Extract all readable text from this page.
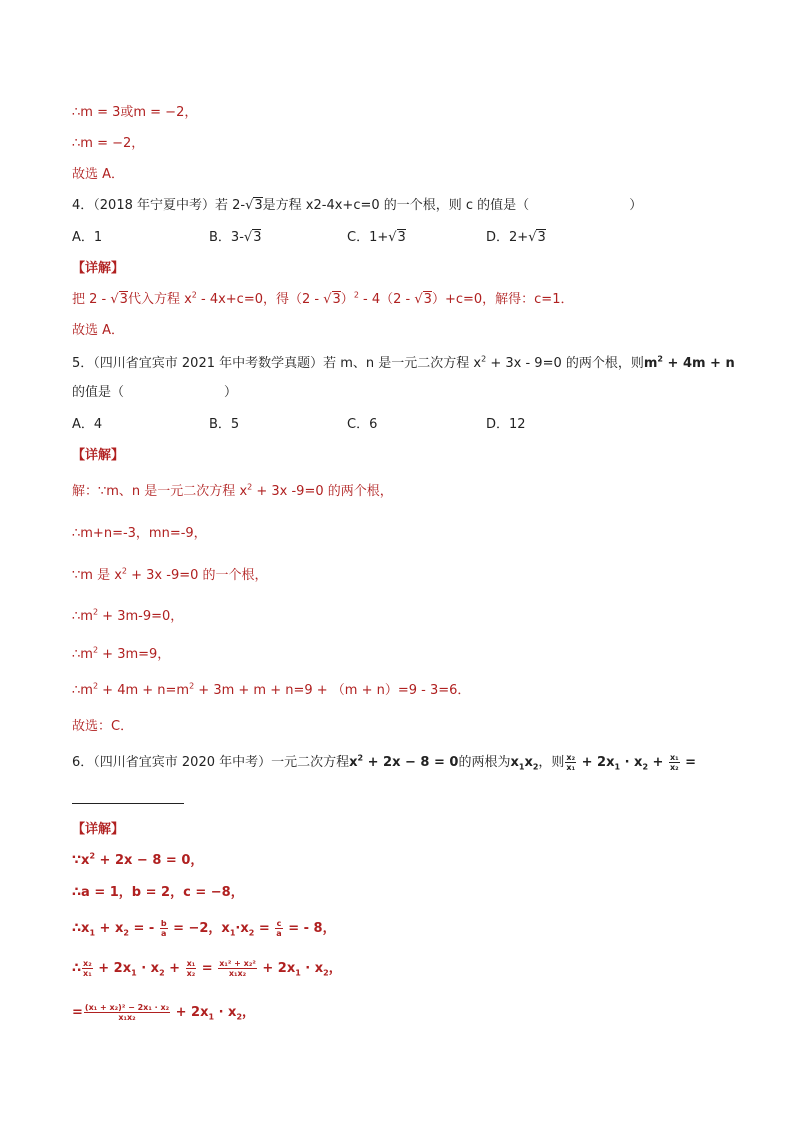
∴m = 3或m = −2，
∴m = −2，
故选 A．
4．（2018 年宁夏中考）若 2-√3是方程 x2-4x+c=0 的一个根，则 c 的值是（	）
A．1	B．3-√3	C．1+√3	D．2+√3
【详解】
把 2 - √3代入方程 $x^2 - 4x+c=0$，得（2 - √3）$^2$ - 4（2 - √3）+c=0，解得：c=1．
故选 A．
5．（四川省宜宾市 2021 年中考数学真题）若 m、n 是一元二次方程 $x^2 + 3x - 9=0$ 的两个根，则$m^2 + 4m + n$
的值是（	）
A．4	B．5	C．6	D．12
【详解】
解：∵m、n 是一元二次方程 $x^2 + 3x$ -9=0 的两个根，
∴m+n=-3，mn=-9，
∵m 是 $x^2 + 3x$ -9=0 的一个根，
$\therefore m^2 + 3m-9=0$，
$\therefore m^2 + 3m=9$，
$\therefore m^2 + 4m + n=m^2 + 3m + m + n=9 + (m + n)=9 - 3=6$．
故选：C．
6．（四川省宜宾市 2020 年中考）一元二次方程$x^2 + 2x - 8 = 0$的两根为$x_1x_2$，则 $\frac{\text{x₂}}{\text{x₁}} + 2x_1 \cdot x_2 + \frac{\text{x₁}}{\text{x₂}}$ =
【详解】
$\because x^2 + 2x - 8 = 0$，
∴a = 1，b = 2，c = −8，
$\therefore x_1 + x_2$ = - $\frac{b}{a} = -2$，$x_1\cdot x_2 = \frac{c}{a}$ = - 8，
∴ $\frac{\text{x₂}}{\text{x₁}} + 2x_1 \cdot x_2 + \frac{\text{x₁}}{\text{x₂}} = \frac{\text{x₁² + x₂²}}{\text{x₁x₂}} + 2x_1 \cdot x_2$，
= $\frac{\text{(x₁ + x₂)² − 2x₁ · x₂}}{\text{x₁x₂}} + 2x_1 \cdot x_2$，
